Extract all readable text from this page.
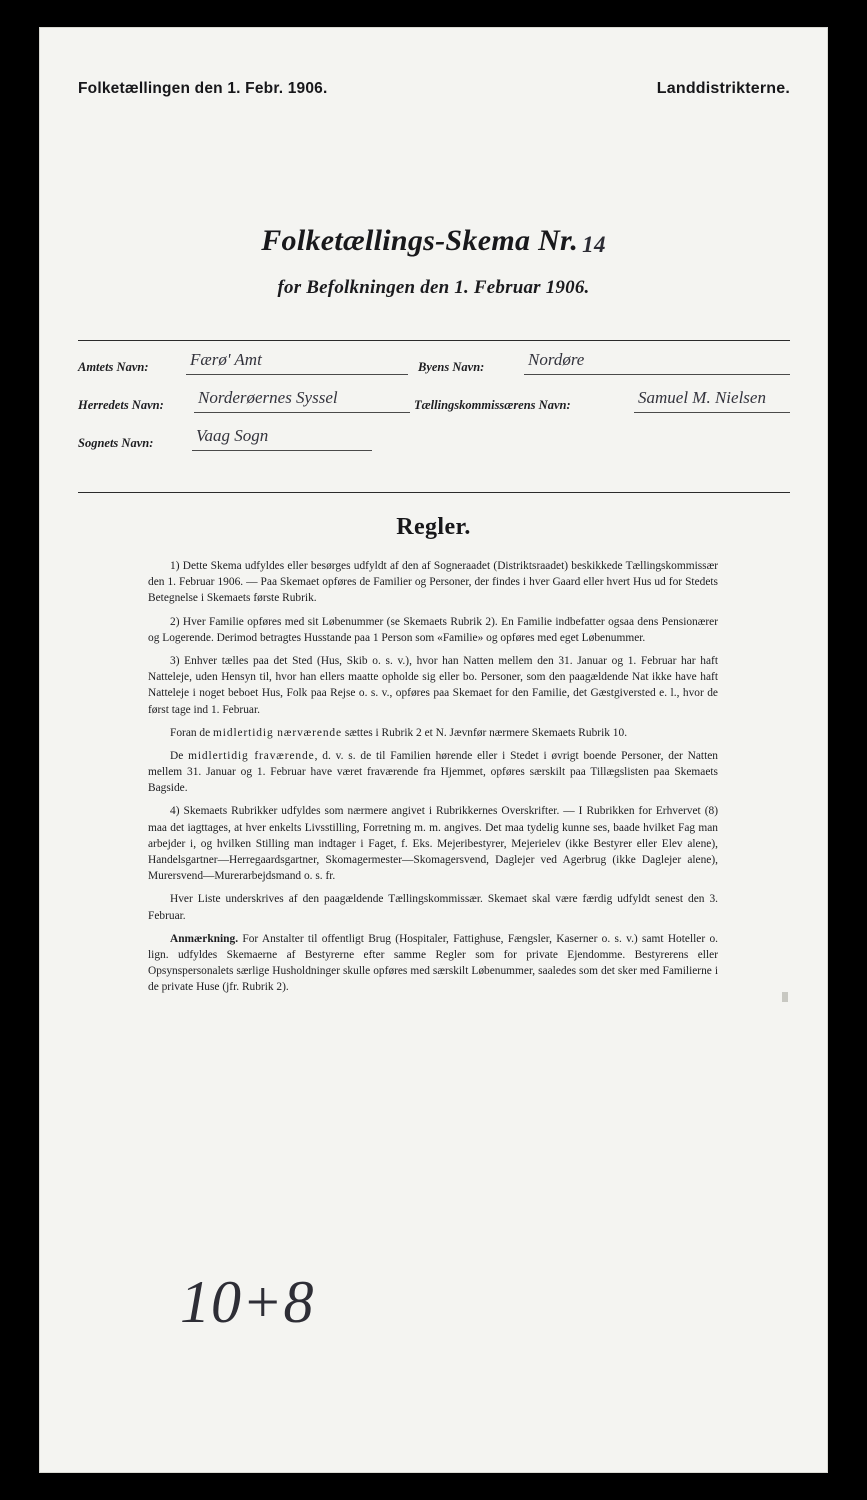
Folketællingen den 1. Febr. 1906.	Landdistrikterne.
Folketællings-Skema Nr. 14
for Befolkningen den 1. Februar 1906.
Amtets Navn: Færø' Amt	Byens Navn:	Nordøre
Herredets Navn: Norderøernes Syssel	Tællingskommissærens Navn:	Samuel M. Nielsen
Sognets Navn:	Vaag Sogn
Regler.

1) Dette Skema udfyldes eller besørges udfyldt af den af Sogneraadet (Distriktsraadet) beskikkede Tællingskommissær den 1. Februar 1906. — Paa Skemaet opføres de Familier og Personer, der findes i hver Gaard eller hvert Hus ud for Stedets Betegnelse i Skemaets første Rubrik.

2) Hver Familie opføres med sit Løbenummer (se Skemaets Rubrik 2). En Familie indbefatter ogsaa dens Pensionærer og Logerende. Derimod betragtes Husstande paa 1 Person som «Familie» og opføres med eget Løbenummer.

3) Enhver tælles paa det Sted (Hus, Skib o. s. v.), hvor han Natten mellem den 31. Januar og 1. Februar har haft Natteleje, uden Hensyn til, hvor han ellers maatte opholde sig eller bo. Personer, som den paagældende Nat ikke have haft Natteleje i noget beboet Hus, Folk paa Rejse o. s. v., opføres paa Skemaet for den Familie, det Gæstgiversted e. l., hvor de først tage ind 1. Februar.

Foran de midlertidig nærværende sættes i Rubrik 2 et N. Jævnfør nærmere Skemaets Rubrik 10.

De midlertidig fraværende, d. v. s. de til Familien hørende eller i Stedet i øvrigt boende Personer, der Natten mellem 31. Januar og 1. Februar have været fraværende fra Hjemmet, opføres særskilt paa Tillægslisten paa Skemaets Bagside.

4) Skemaets Rubrikker udfyldes som nærmere angivet i Rubrikkernes Overskrifter. — I Rubrikken for Erhvervet (8) maa det iagttages, at hver enkelts Livsstilling, Forretning m. m. angives. Det maa tydelig kunne ses, baade hvilket Fag man arbejder i, og hvilken Stilling man indtager i Faget, f. Eks. Mejeribestyrer, Mejerielev (ikke Bestyrer eller Elev alene), Handelsgartner—Herregaardsgartner, Skomagermester—Skomagersvend, Daglejer ved Agerbrug (ikke Daglejer alene), Murersvend—Murerarbejdsmand o. s. fr.

Hver Liste underskrives af den paagældende Tællingskommissær. Skemaet skal være færdig udfyldt senest den 3. Februar.

Anmærkning. For Anstalter til offentligt Brug (Hospitaler, Fattighuse, Fængsler, Kaserner o. s. v.) samt Hoteller o. lign. udfyldes Skemaerne af Bestyrerne efter samme Regler som for private Ejendomme. Bestyrerens eller Opsynspersonalets særlige Husholdninger skulle opføres med særskilt Løbenummer, saaledes som det sker med Familierne i de private Huse (jfr. Rubrik 2).

10+8
